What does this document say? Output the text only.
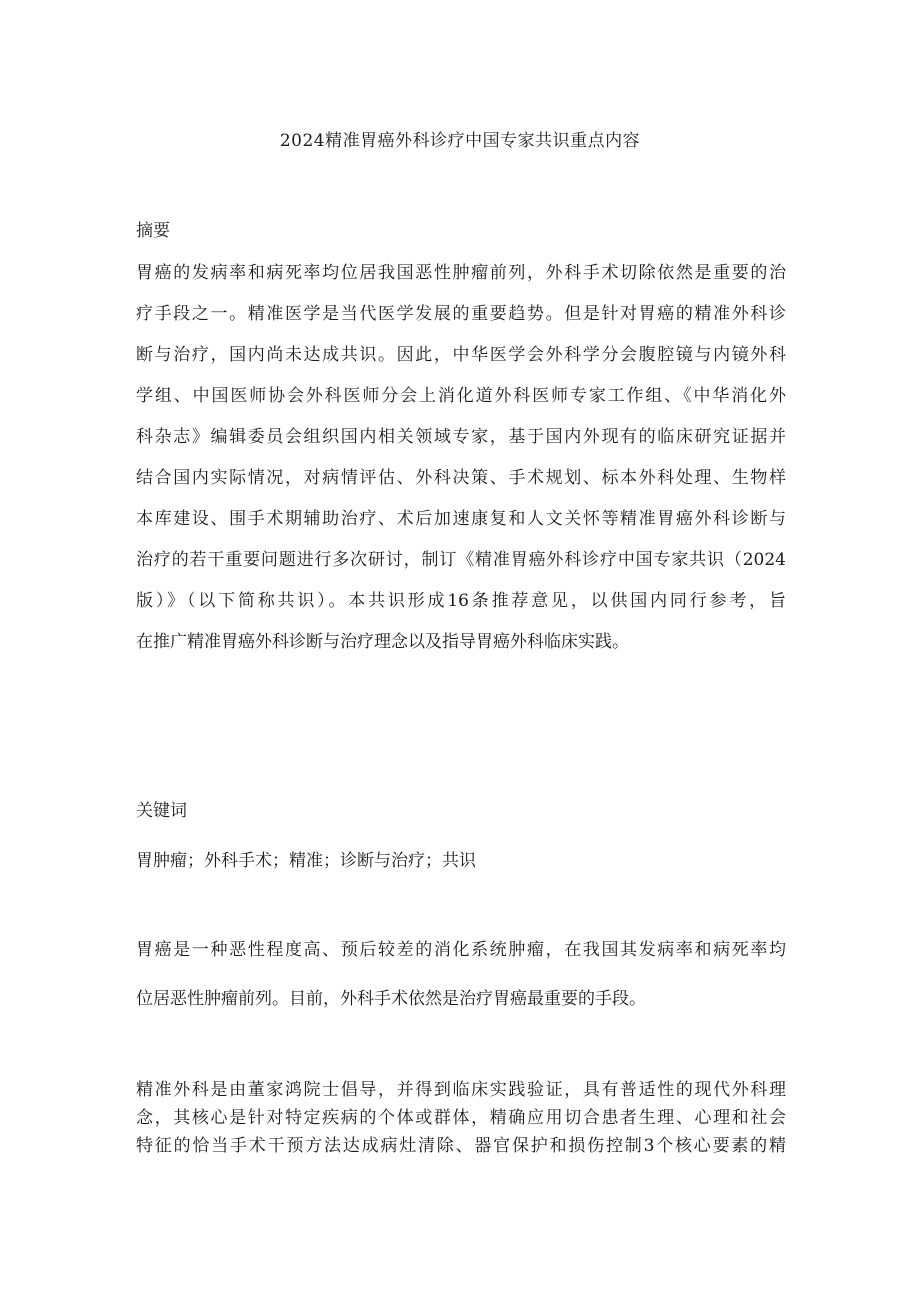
2024精准胃癌外科诊疗中国专家共识重点内容
摘要
胃癌的发病率和病死率均位居我国恶性肿瘤前列，外科手术切除依然是重要的治
疗手段之一。精准医学是当代医学发展的重要趋势。但是针对胃癌的精准外科诊
断与治疗，国内尚未达成共识。因此，中华医学会外科学分会腹腔镜与内镜外科
学组、中国医师协会外科医师分会上消化道外科医师专家工作组、《中华消化外
科杂志》编辑委员会组织国内相关领域专家，基于国内外现有的临床研究证据并
结合国内实际情况，对病情评估、外科决策、手术规划、标本外科处理、生物样
本库建设、围手术期辅助治疗、术后加速康复和人文关怀等精准胃癌外科诊断与
治疗的若干重要问题进行多次研讨，制订《精准胃癌外科诊疗中国专家共识（2024
版）》（以下简称共识）。本共识形成16条推荐意见，以供国内同行参考，旨
在推广精准胃癌外科诊断与治疗理念以及指导胃癌外科临床实践。
关键词
胃肿瘤；外科手术；精准；诊断与治疗；共识
胃癌是一种恶性程度高、预后较差的消化系统肿瘤，在我国其发病率和病死率均
位居恶性肿瘤前列。目前，外科手术依然是治疗胃癌最重要的手段。
精准外科是由董家鸿院士倡导，并得到临床实践验证，具有普适性的现代外科理
念，其核心是针对特定疾病的个体或群体，精确应用切合患者生理、心理和社会
特征的恰当手术干预方法达成病灶清除、器官保护和损伤控制3个核心要素的精
